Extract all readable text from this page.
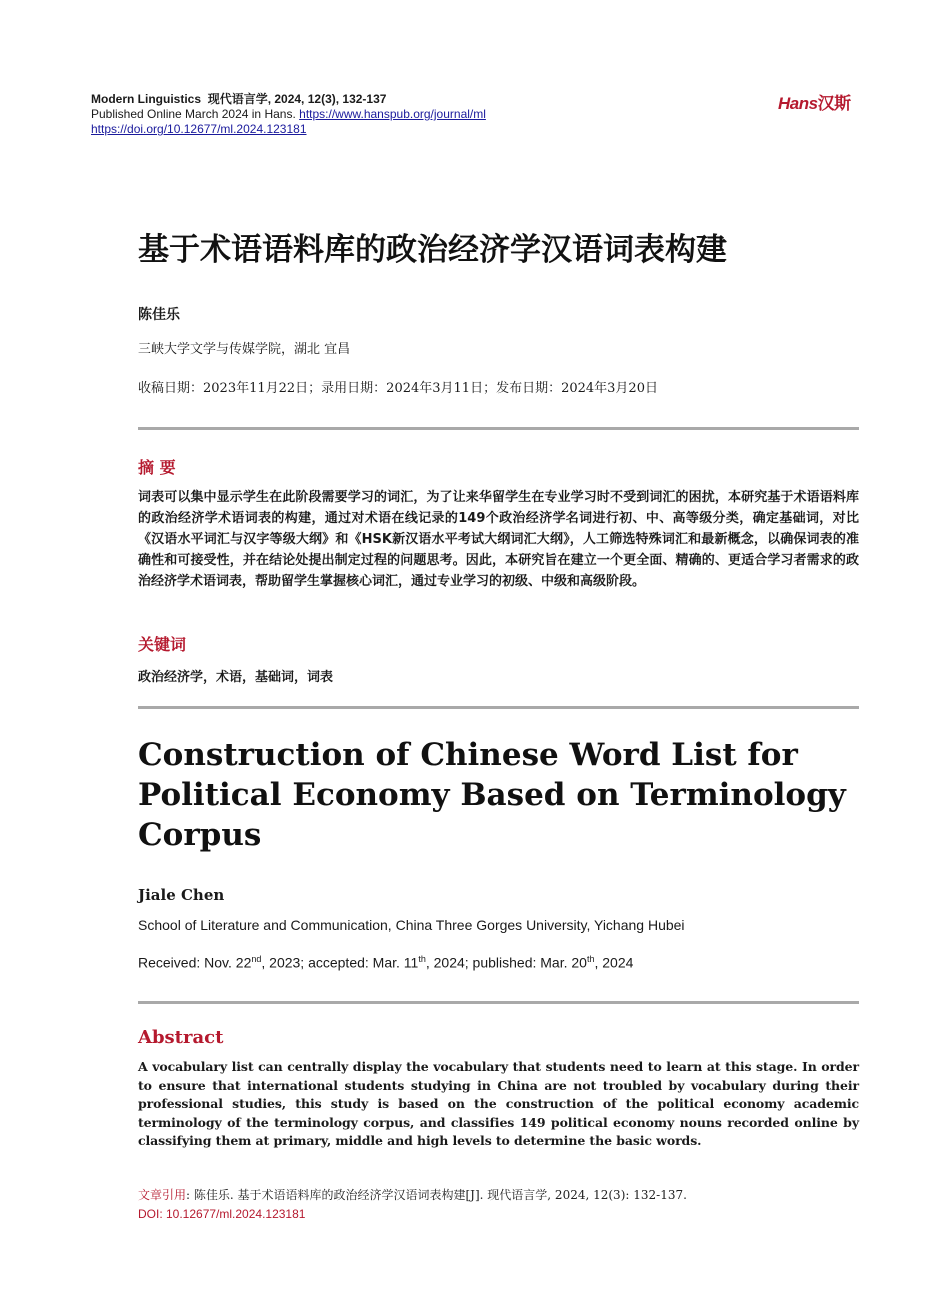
Modern Linguistics 现代语言学, 2024, 12(3), 132-137
Published Online March 2024 in Hans. https://www.hanspub.org/journal/ml
https://doi.org/10.12677/ml.2024.123181
Hans汉斯
基于术语语料库的政治经济学汉语词表构建
陈佳乐
三峡大学文学与传媒学院，湖北 宜昌
收稿日期：2023年11月22日；录用日期：2024年3月11日；发布日期：2024年3月20日
摘 要
词表可以集中显示学生在此阶段需要学习的词汇，为了让来华留学生在专业学习时不受到词汇的困扰，本研究基于术语语料库的政治经济学术语词表的构建，通过对术语在线记录的149个政治经济学名词进行初、中、高等级分类，确定基础词，对比《汉语水平词汇与汉字等级大纲》和《HSK新汉语水平考试大纲词汇大纲》，人工筛选特殊词汇和最新概念，以确保词表的准确性和可接受性，并在结论处提出制定过程的问题思考。因此，本研究旨在建立一个更全面、精确的、更适合学习者需求的政治经济学术语词表，帮助留学生掌握核心词汇，通过专业学习的初级、中级和高级阶段。
关键词
政治经济学，术语，基础词，词表
Construction of Chinese Word List for Political Economy Based on Terminology Corpus
Jiale Chen
School of Literature and Communication, China Three Gorges University, Yichang Hubei
Received: Nov. 22nd, 2023; accepted: Mar. 11th, 2024; published: Mar. 20th, 2024
Abstract
A vocabulary list can centrally display the vocabulary that students need to learn at this stage. In order to ensure that international students studying in China are not troubled by vocabulary during their professional studies, this study is based on the construction of the political economy academic terminology of the terminology corpus, and classifies 149 political economy nouns recorded online by classifying them at primary, middle and high levels to determine the basic words.
文章引用: 陈佳乐. 基于术语语料库的政治经济学汉语词表构建[J]. 现代语言学, 2024, 12(3): 132-137.
DOI: 10.12677/ml.2024.123181
